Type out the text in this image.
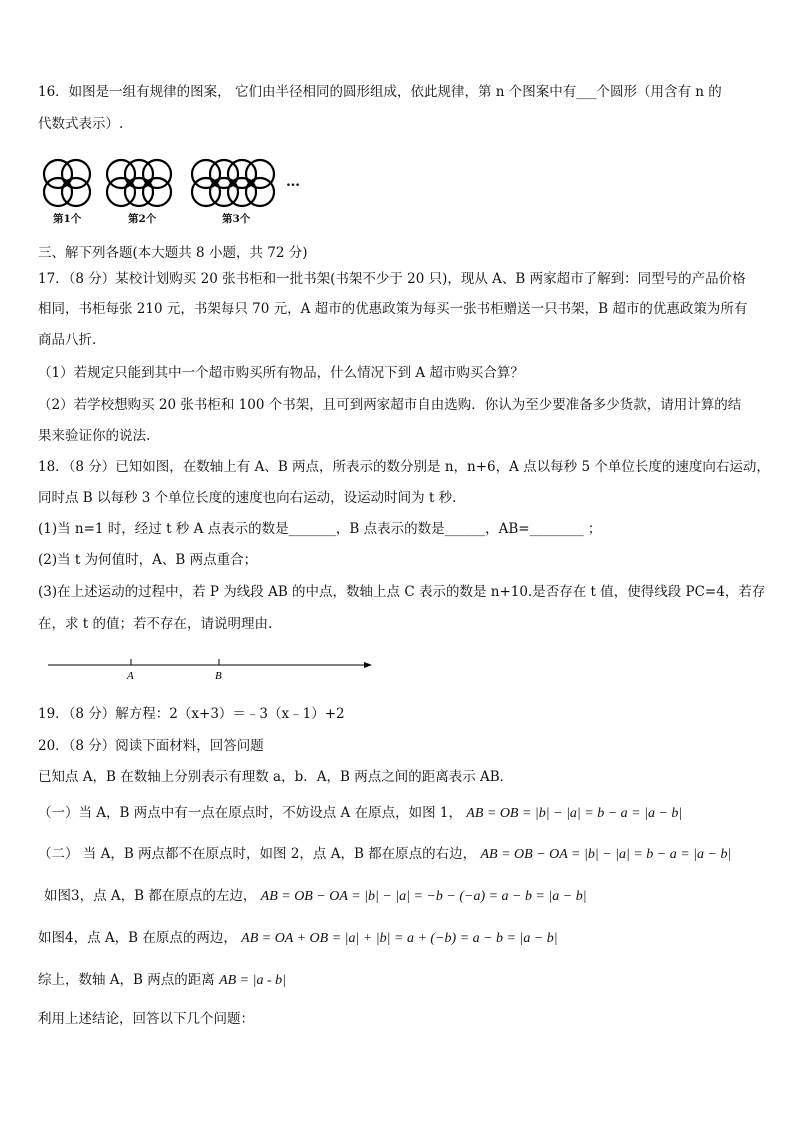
16．如图是一组有规律的图案， 它们由半径相同的圆形组成，依此规律，第 n 个图案中有___个圆形（用含有 n 的
代数式表示）.
…
第1个	第2个	第3个
三、解下列各题(本大题共 8 小题，共 72 分)
17．（8 分）某校计划购买 20 张书柜和一批书架(书架不少于 20 只)，现从 A、B 两家超市了解到：同型号的产品价格
相同，书柜每张 210 元，书架每只 70 元，A 超市的优惠政策为每买一张书柜赠送一只书架，B 超市的优惠政策为所有
商品八折.
（1）若规定只能到其中一个超市购买所有物品，什么情况下到 A 超市购买合算？
（2）若学校想购买 20 张书柜和 100 个书架，且可到两家超市自由选购．你认为至少要准备多少货款，请用计算的结
果来验证你的说法.
18．（8 分）已知如图，在数轴上有 A、B 两点，所表示的数分别是 n，n+6，A 点以每秒 5 个单位长度的速度向右运动，
同时点 B 以每秒 3 个单位长度的速度也向右运动，设运动时间为 t 秒.
(1)当 n=1 时，经过 t 秒 A 点表示的数是_______，B 点表示的数是______，AB=________ ；
(2)当 t 为何值时，A、B 两点重合；
(3)在上述运动的过程中，若 P 为线段 AB 的中点，数轴上点 C 表示的数是 n+10.是否存在 t 值，使得线段 PC=4，若存
在，求 t 的值；若不存在，请说明理由.
A	B
19．（8 分）解方程：2（x+3）＝﹣3（x﹣1）+2
20．（8 分）阅读下面材料，回答问题
已知点 A，B 在数轴上分别表示有理数 a，b．A，B 两点之间的距离表示 AB．
（一）当 A，B 两点中有一点在原点时，不妨设点 A 在原点，如图 1， AB = OB = |b| − |a| = b − a = |a − b|
（二） 当 A，B 两点都不在原点时，如图 2，点 A，B 都在原点的右边， AB = OB − OA = |b| − |a| = b − a = |a − b|
如图3，点 A，B 都在原点的左边， AB = OB − OA = |b| − |a| = −b − (−a) = a − b = |a − b|
如图4，点 A，B 在原点的两边， AB = OA + OB = |a| + |b| = a + (−b) = a − b = |a − b|
综上，数轴 A，B 两点的距离 AB = |a - b|
利用上述结论，回答以下几个问题：
